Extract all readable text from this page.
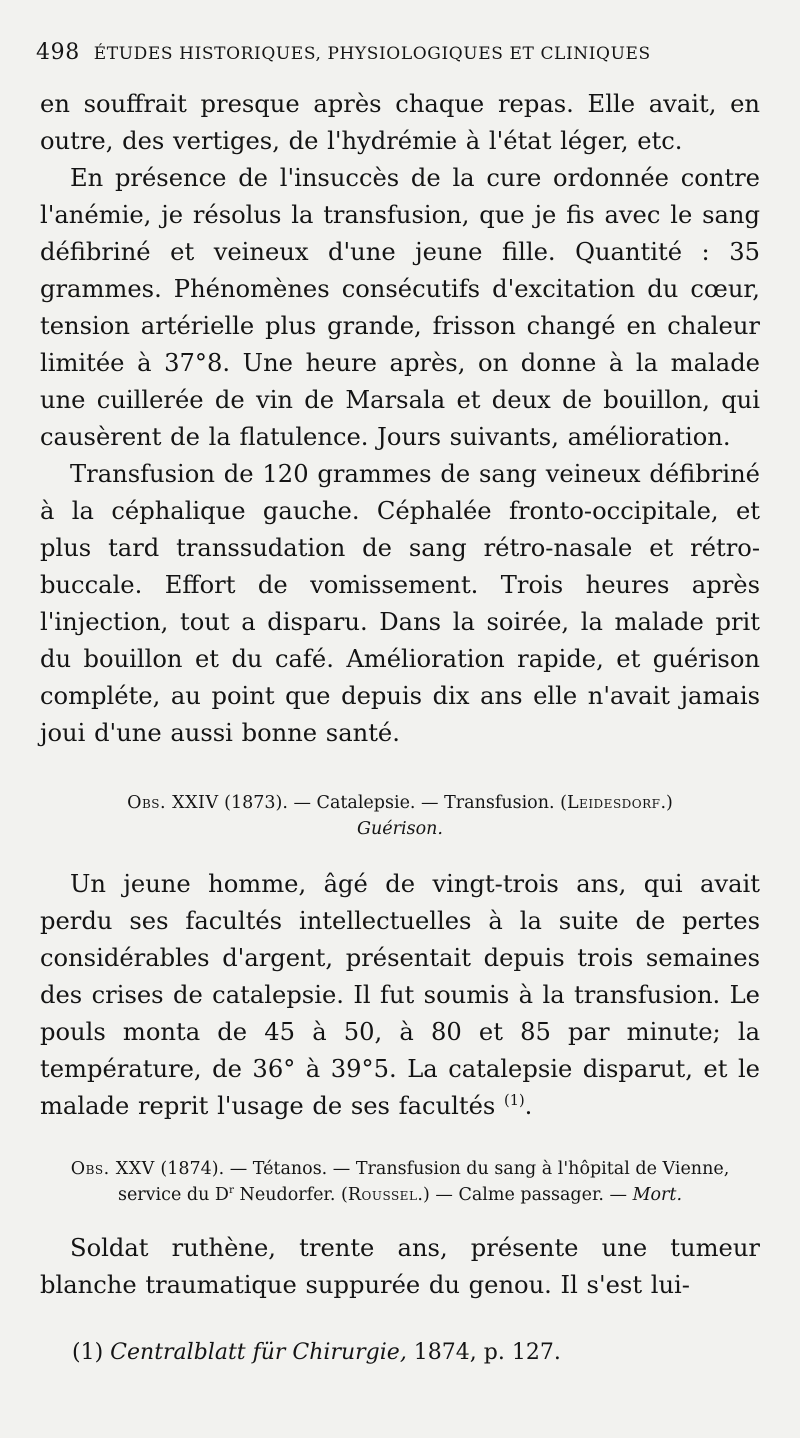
498 ÉTUDES HISTORIQUES, PHYSIOLOGIQUES ET CLINIQUES

en souffrait presque après chaque repas. Elle avait, en outre, des vertiges, de l'hydrémie à l'état léger, etc.

En présence de l'insuccès de la cure ordonnée contre l'anémie, je résolus la transfusion, que je fis avec le sang défibriné et veineux d'une jeune fille. Quantité : 35 grammes. Phénomènes consécutifs d'excitation du cœur, tension artérielle plus grande, frisson changé en chaleur limitée à 37°8. Une heure après, on donne à la malade une cuillerée de vin de Marsala et deux de bouillon, qui causèrent de la flatulence. Jours suivants, amélioration.

Transfusion de 120 grammes de sang veineux défibriné à la céphalique gauche. Céphalée fronto-occipitale, et plus tard transsudation de sang rétro-nasale et rétro-buccale. Effort de vomissement. Trois heures après l'injection, tout a disparu. Dans la soirée, la malade prit du bouillon et du café. Amélioration rapide, et guérison compléte, au point que depuis dix ans elle n'avait jamais joui d'une aussi bonne santé.

Obs. XXIV (1873). — Catalepsie. — Transfusion. (Leidesdorf.)
Guérison.

Un jeune homme, âgé de vingt-trois ans, qui avait perdu ses facultés intellectuelles à la suite de pertes considérables d'argent, présentait depuis trois semaines des crises de catalepsie. Il fut soumis à la transfusion. Le pouls monta de 45 à 50, à 80 et 85 par minute; la température, de 36° à 39°5. La catalepsie disparut, et le malade reprit l'usage de ses facultés $^{(1)}$.

Obs. XXV (1874). — Tétanos. — Transfusion du sang à l'hôpital de Vienne,
service du $D^r$ Neudorfer. (Roussel.) — Calme passager. — Mort.

Soldat ruthène, trente ans, présente une tumeur blanche traumatique suppurée du genou. Il s'est lui-

(1) Centralblatt für Chirurgie, 1874, p. 127.
